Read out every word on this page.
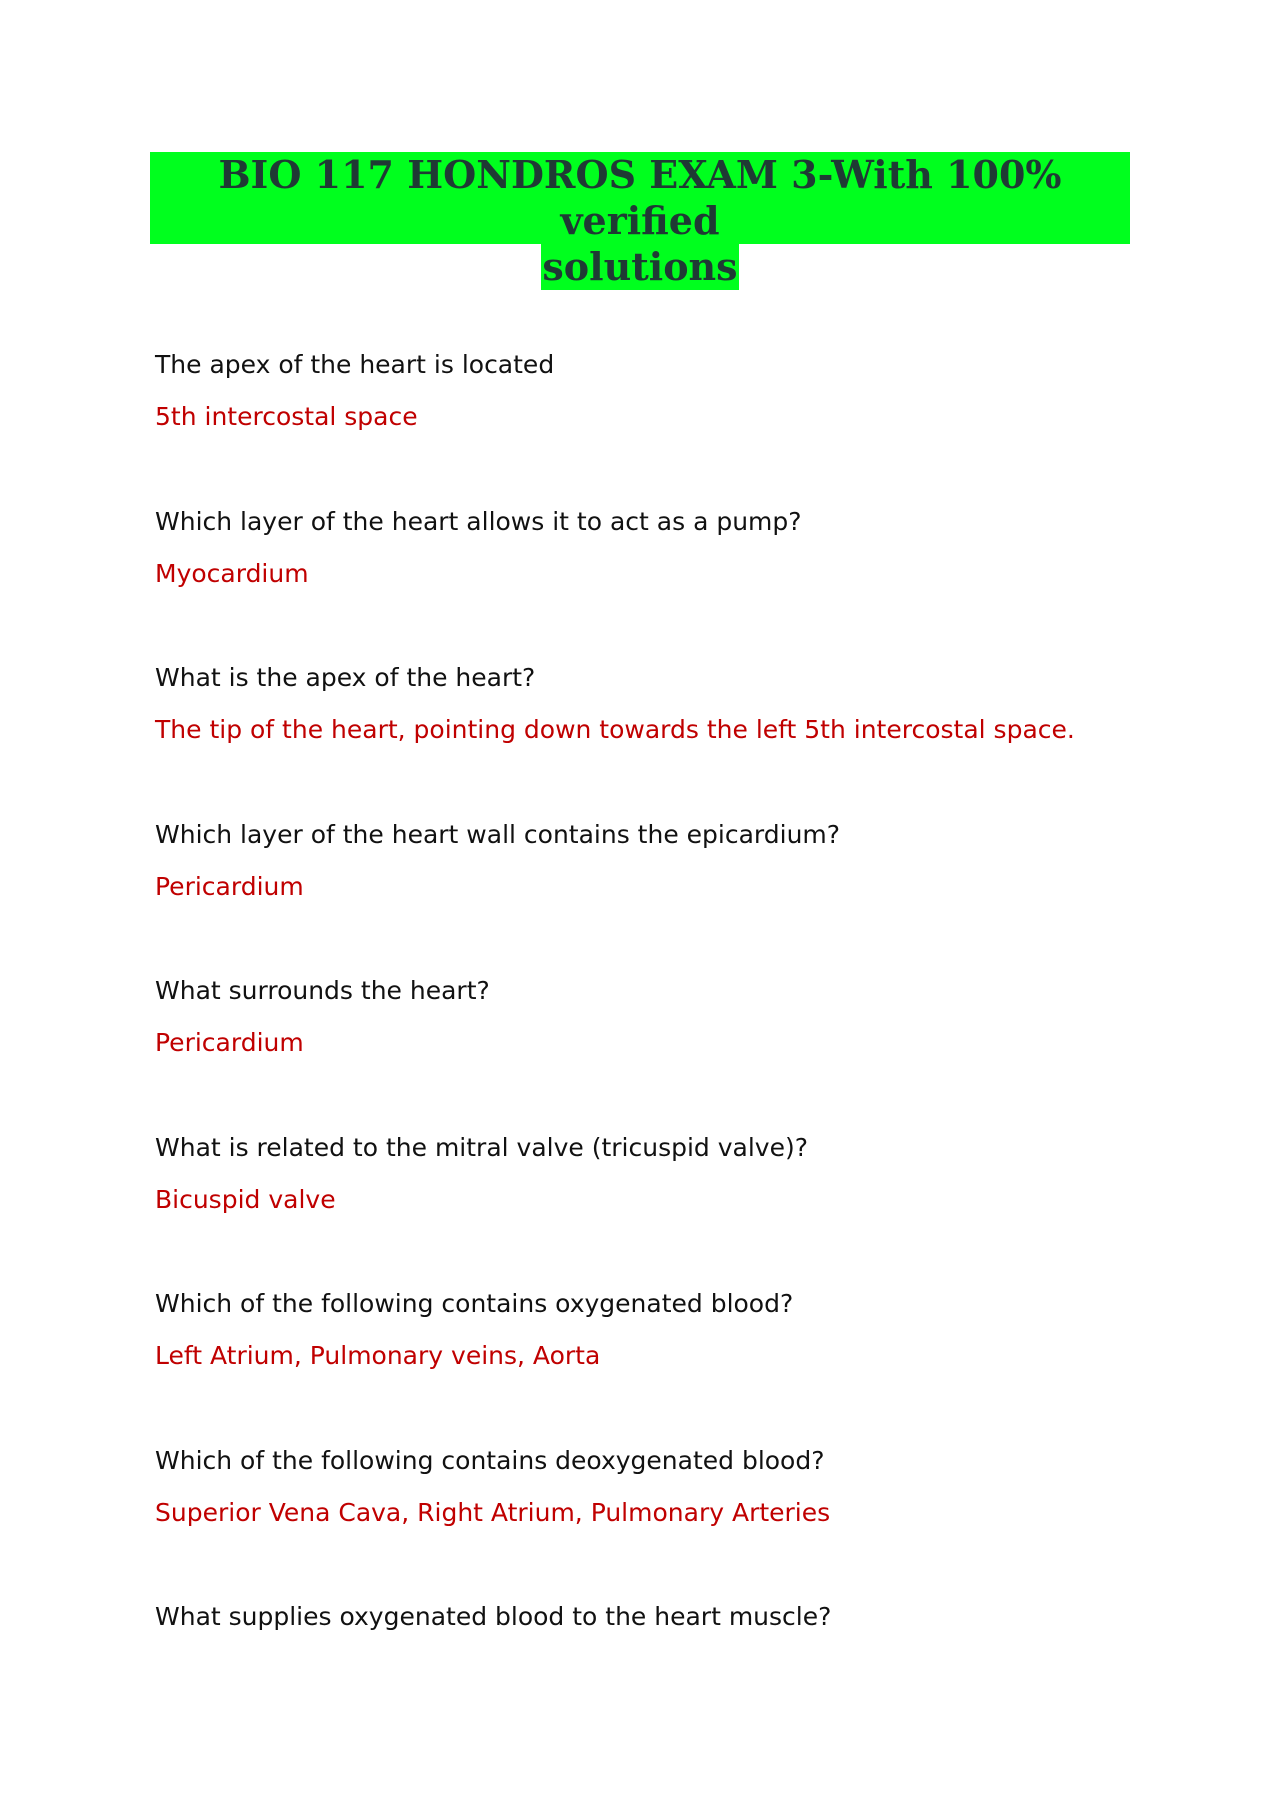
BIO 117 HONDROS EXAM 3-With 100% verified
solutions
The apex of the heart is located
5th intercostal space
Which layer of the heart allows it to act as a pump?
Myocardium
What is the apex of the heart?
The tip of the heart, pointing down towards the left 5th intercostal space.
Which layer of the heart wall contains the epicardium?
Pericardium
What surrounds the heart?
Pericardium
What is related to the mitral valve (tricuspid valve)?
Bicuspid valve
Which of the following contains oxygenated blood?
Left Atrium, Pulmonary veins, Aorta
Which of the following contains deoxygenated blood?
Superior Vena Cava, Right Atrium, Pulmonary Arteries
What supplies oxygenated blood to the heart muscle?
